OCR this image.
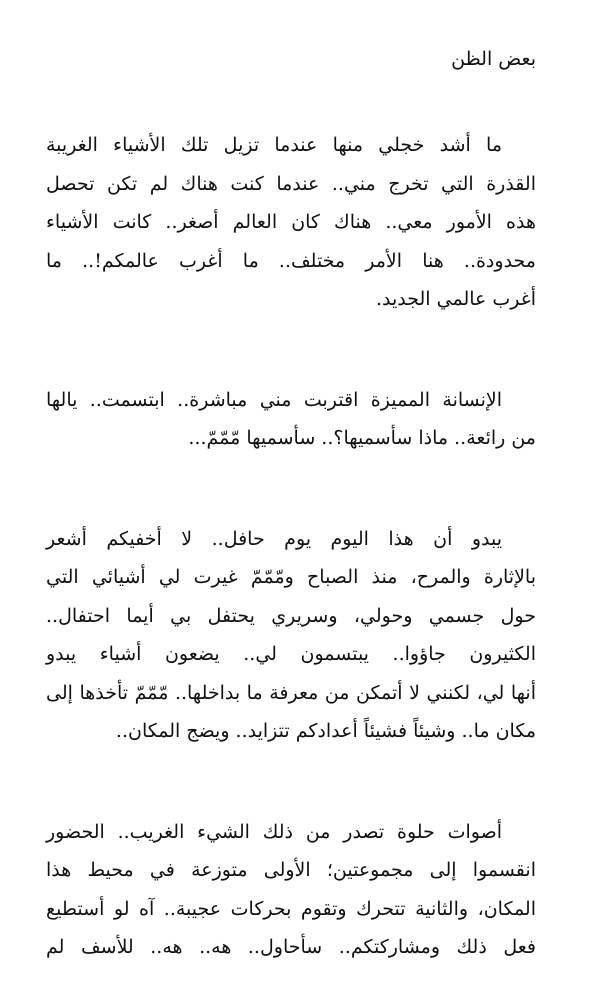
بعض الظن
ما أشد خجلي منها عندما تزيل تلك الأشياء الغريبة
القذرة التي تخرج مني.. عندما كنت هناك لم تكن تحصل
هذه الأمور معي.. هناك كان العالم أصغر.. كانت الأشياء
محدودة.. هنا الأمر مختلف.. ما أغرب عالمكم!.. ما
أغرب عالمي الجديد.
الإنسانة المميزة اقتربت مني مباشرة.. ابتسمت.. يالها
من رائعة.. ماذا سأسميها؟.. سأسميها مّمّمّ...
يبدو أن هذا اليوم يوم حافل.. لا أخفيكم أشعر
بالإثارة والمرح، منذ الصباح ومّمّمّ غيرت لي أشيائي التي
حول جسمي وحولي، وسريري يحتفل بي أيما احتفال..
الكثيرون جاؤوا.. يبتسمون لي.. يضعون أشياء يبدو
أنها لي، لكنني لا أتمكن من معرفة ما بداخلها.. مّمّمّ تأخذها إلى
مكان ما.. وشيئاً فشيئاً أعدادكم تتزايد.. ويضج المكان..
أصوات حلوة تصدر من ذلك الشيء الغريب.. الحضور
انقسموا إلى مجموعتين؛ الأولى متوزعة في محيط هذا
المكان، والثانية تتحرك وتقوم بحركات عجيبة.. آه لو أستطيع
فعل ذلك ومشارکتکم.. سأحاول.. هه.. هه.. للأسف لم
